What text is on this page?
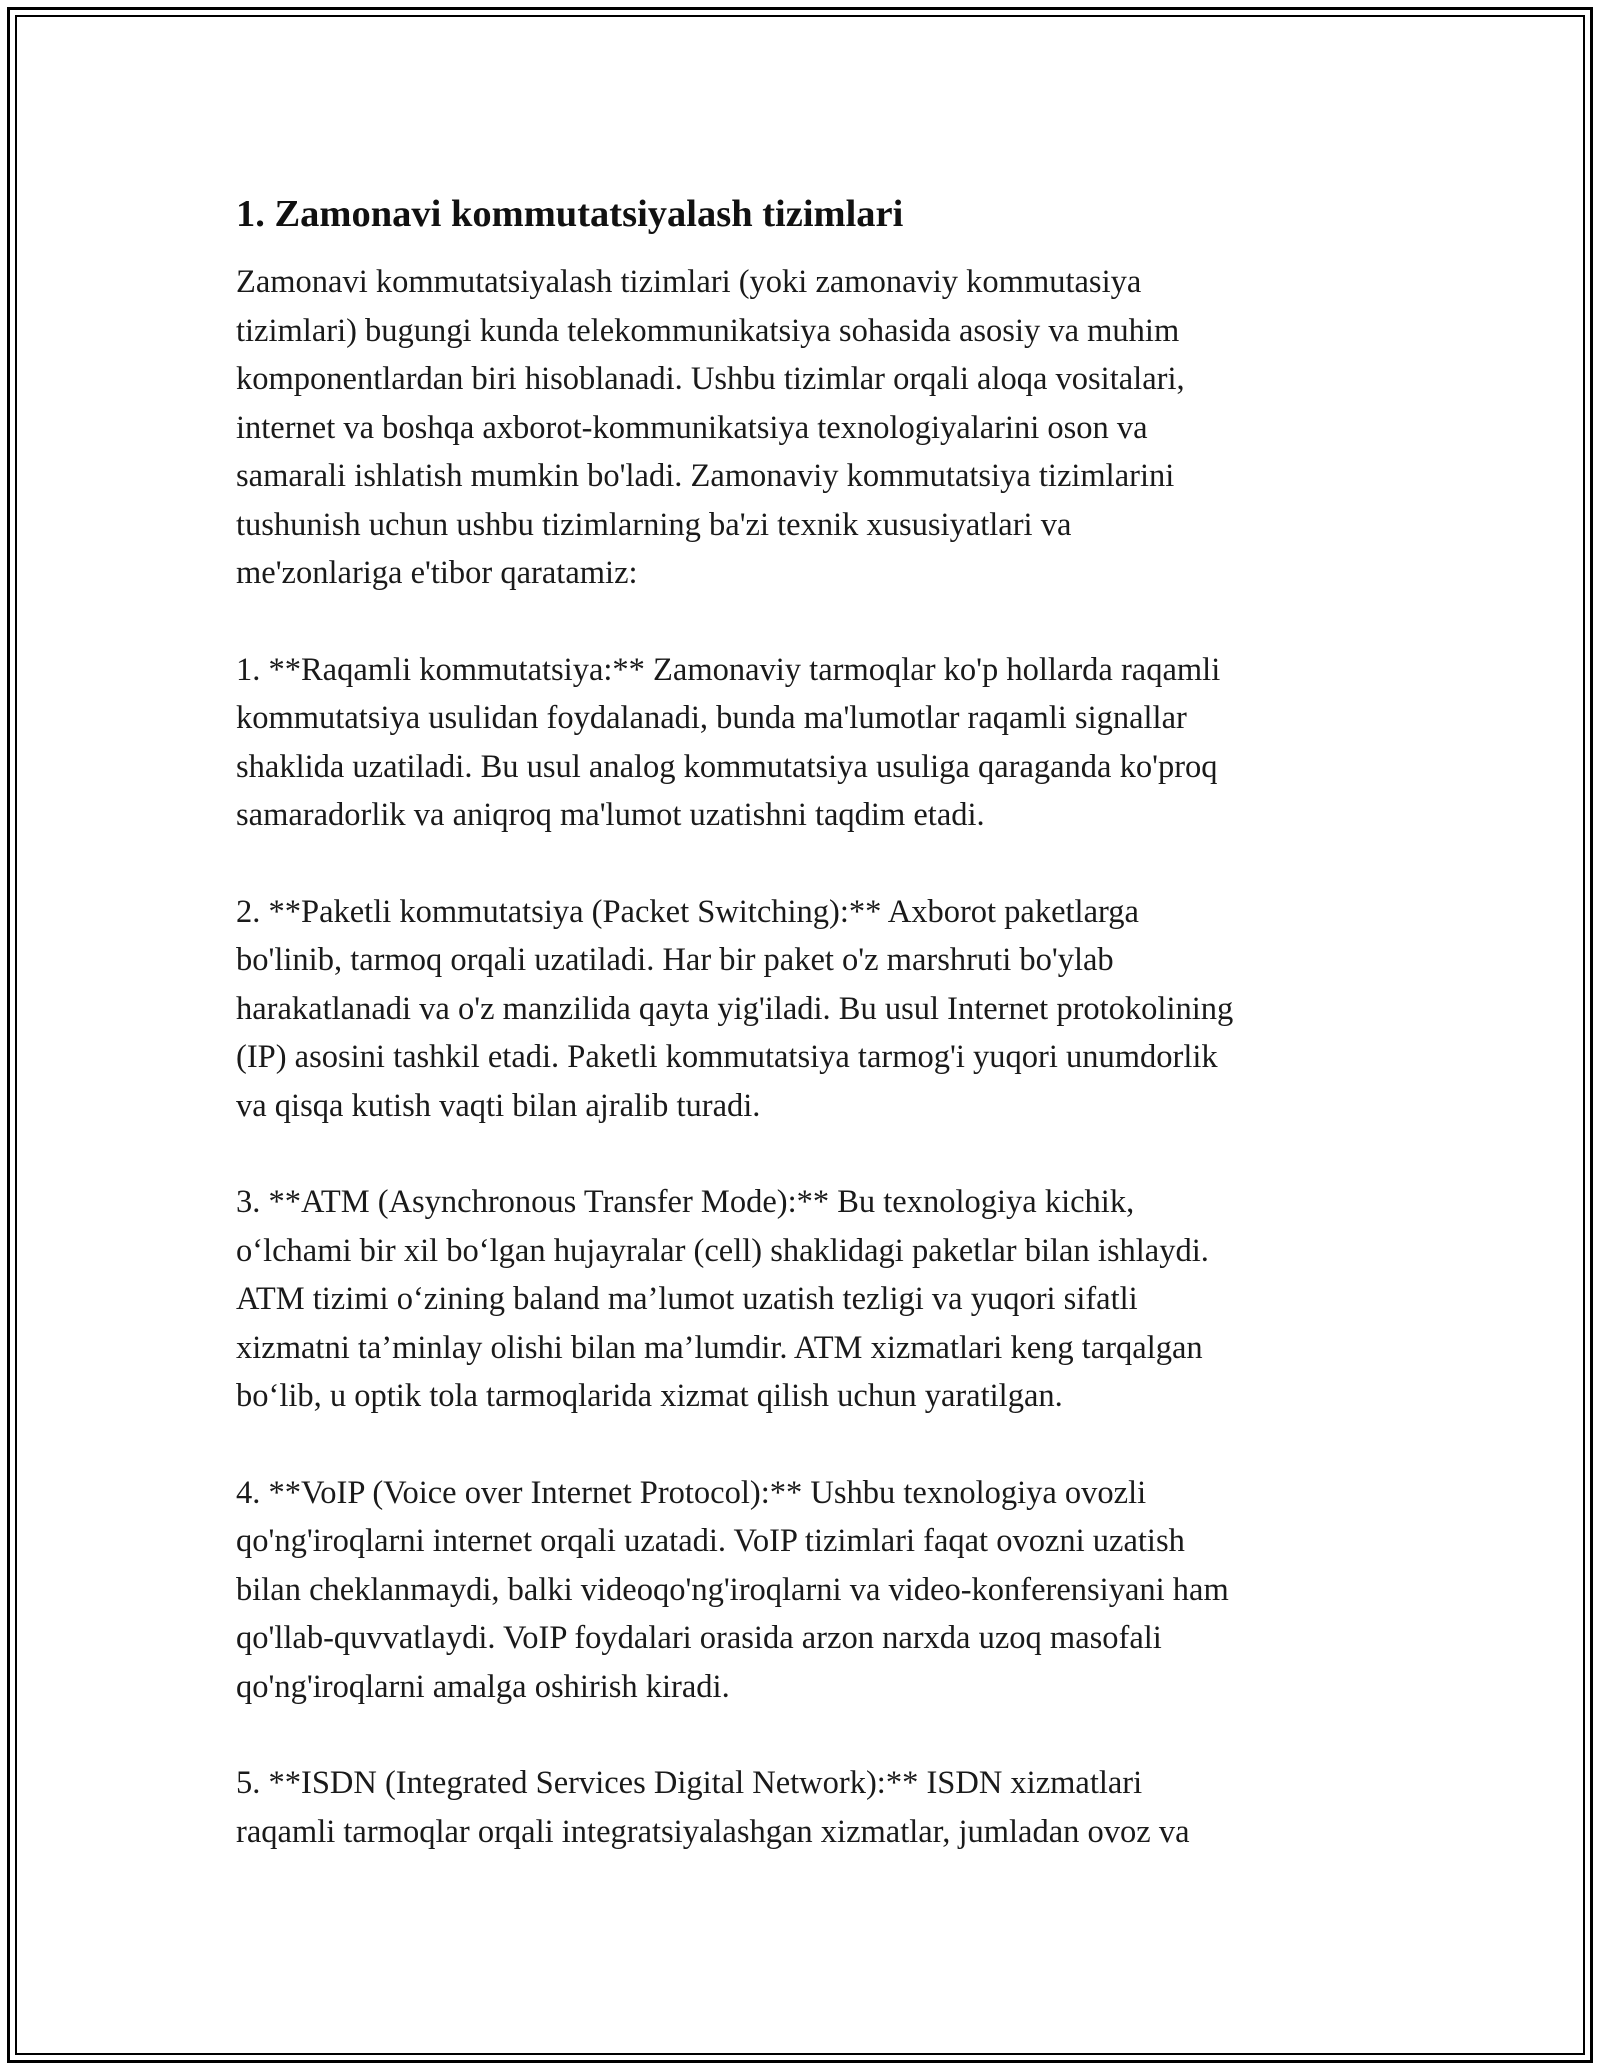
1. Zamonavi kommutatsiyalash tizimlari
Zamonavi kommutatsiyalash tizimlari (yoki zamonaviy kommutasiya
tizimlari) bugungi kunda telekommunikatsiya sohasida asosiy va muhim
komponentlardan biri hisoblanadi. Ushbu tizimlar orqali aloqa vositalari,
internet va boshqa axborot-kommunikatsiya texnologiyalarini oson va
samarali ishlatish mumkin bo'ladi. Zamonaviy kommutatsiya tizimlarini
tushunish uchun ushbu tizimlarning ba'zi texnik xususiyatlari va
me'zonlariga e'tibor qaratamiz:
1. **Raqamli kommutatsiya:** Zamonaviy tarmoqlar ko'p hollarda raqamli
kommutatsiya usulidan foydalanadi, bunda ma'lumotlar raqamli signallar
shaklida uzatiladi. Bu usul analog kommutatsiya usuliga qaraganda ko'proq
samaradorlik va aniqroq ma'lumot uzatishni taqdim etadi.
2. **Paketli kommutatsiya (Packet Switching):** Axborot paketlarga
bo'linib, tarmoq orqali uzatiladi. Har bir paket o'z marshruti bo'ylab
harakatlanadi va o'z manzilida qayta yig'iladi. Bu usul Internet protokolining
(IP) asosini tashkil etadi. Paketli kommutatsiya tarmog'i yuqori unumdorlik
va qisqa kutish vaqti bilan ajralib turadi.
3. **ATM (Asynchronous Transfer Mode):** Bu texnologiya kichik,
o‘lchami bir xil bo‘lgan hujayralar (cell) shaklidagi paketlar bilan ishlaydi.
ATM tizimi o‘zining baland ma’lumot uzatish tezligi va yuqori sifatli
xizmatni ta’minlay olishi bilan ma’lumdir. ATM xizmatlari keng tarqalgan
bo‘lib, u optik tola tarmoqlarida xizmat qilish uchun yaratilgan.
4. **VoIP (Voice over Internet Protocol):** Ushbu texnologiya ovozli
qo'ng'iroqlarni internet orqali uzatadi. VoIP tizimlari faqat ovozni uzatish
bilan cheklanmaydi, balki videoqo'ng'iroqlarni va video-konferensiyani ham
qo'llab-quvvatlaydi. VoIP foydalari orasida arzon narxda uzoq masofali
qo'ng'iroqlarni amalga oshirish kiradi.
5. **ISDN (Integrated Services Digital Network):** ISDN xizmatlari
raqamli tarmoqlar orqali integratsiyalashgan xizmatlar, jumladan ovoz va
